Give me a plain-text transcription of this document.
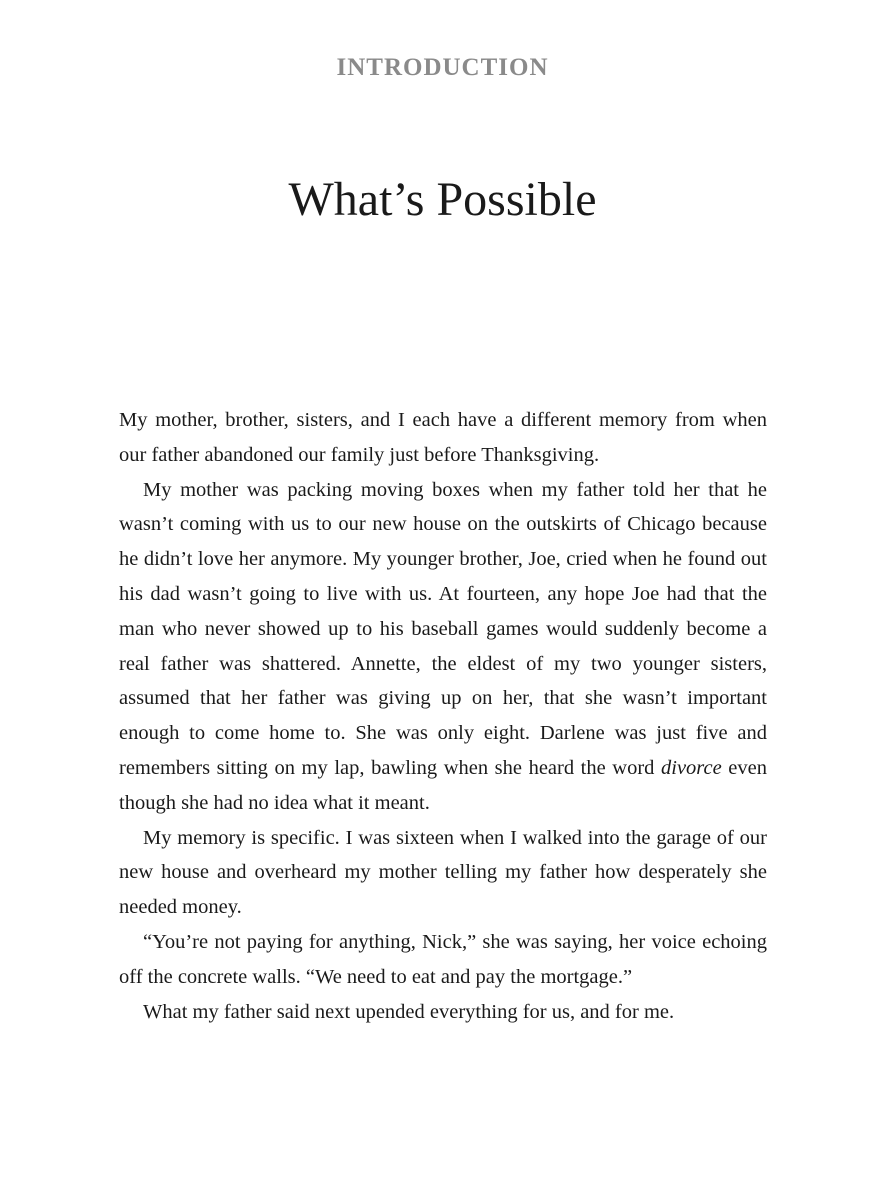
INTRODUCTION
What’s Possible

My mother, brother, sisters, and I each have a different memory from when our father abandoned our family just before Thanksgiving.

My mother was packing moving boxes when my father told her that he wasn’t coming with us to our new house on the outskirts of Chicago because he didn’t love her anymore. My younger brother, Joe, cried when he found out his dad wasn’t going to live with us. At fourteen, any hope Joe had that the man who never showed up to his baseball games would suddenly become a real father was shattered. Annette, the eldest of my two younger sisters, assumed that her father was giving up on her, that she wasn’t important enough to come home to. She was only eight. Darlene was just five and remembers sitting on my lap, bawling when she heard the word divorce even though she had no idea what it meant.

My memory is specific. I was sixteen when I walked into the garage of our new house and overheard my mother telling my father how desperately she needed money.

“You’re not paying for anything, Nick,” she was saying, her voice echoing off the concrete walls. “We need to eat and pay the mortgage.”

What my father said next upended everything for us, and for me.
